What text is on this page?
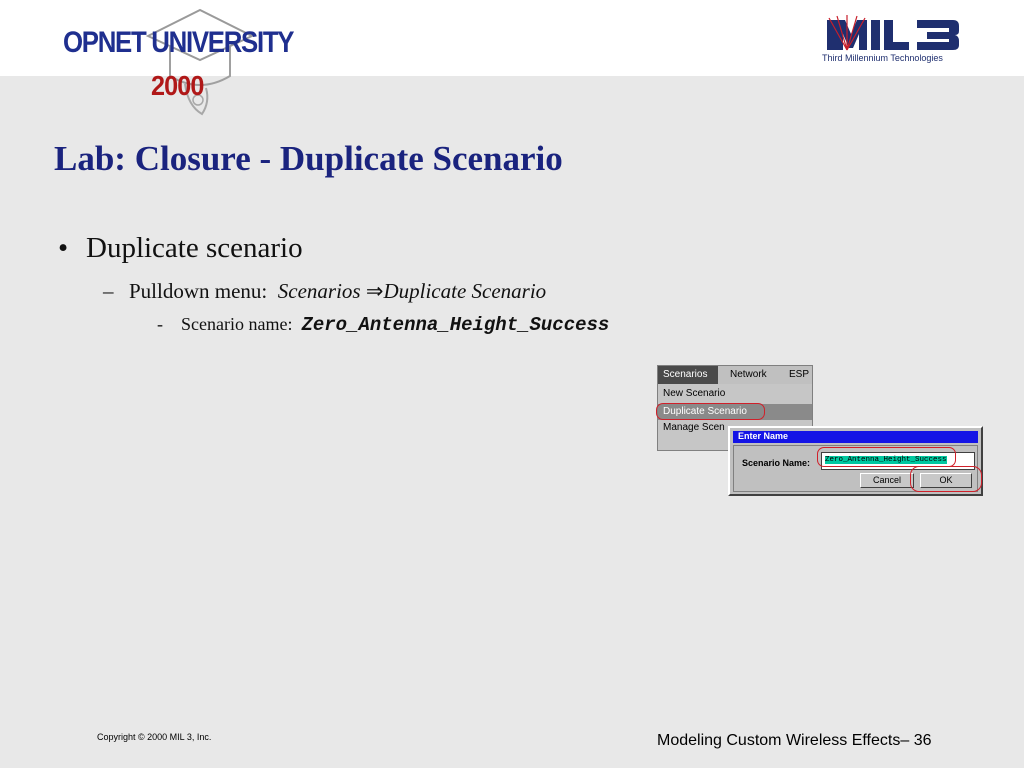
OPNET UNIVERSITY
2000
Third Millennium Technologies
Lab: Closure - Duplicate Scenario
• Duplicate scenario
– Pulldown menu:  Scenarios ⇒Duplicate Scenario
- Scenario name:  Zero_Antenna_Height_Success
Scenarios Network ESP
New Scenario
Duplicate Scenario
Manage Scen
Enter Name
Scenario Name: Zero_Antenna_Height_Success
Cancel	OK
Copyright © 2000 MIL 3, Inc.	Modeling Custom Wireless Effects– 36
